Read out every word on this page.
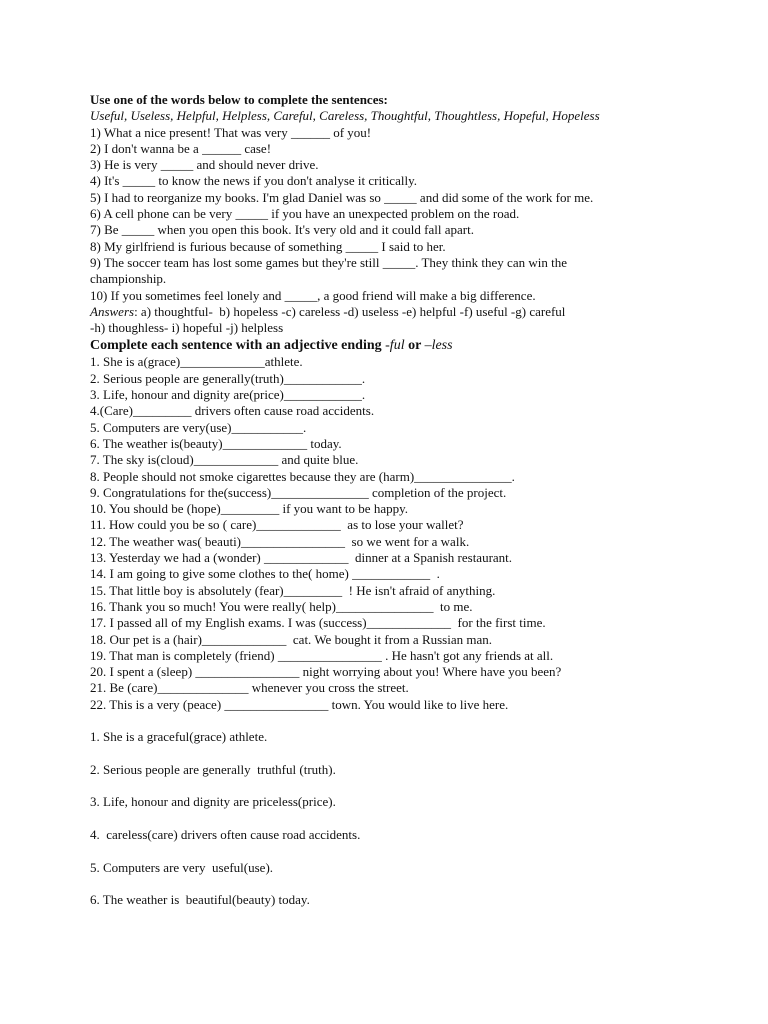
Use one of the words below to complete the sentences:
Useful, Useless, Helpful, Helpless, Careful, Careless, Thoughtful, Thoughtless, Hopeful, Hopeless
1) What a nice present! That was very ______ of you!
2) I don't wanna be a ______ case!
3) He is very _____ and should never drive.
4) It's _____ to know the news if you don't analyse it critically.
5) I had to reorganize my books. I'm glad Daniel was so _____ and did some of the work for me.
6) A cell phone can be very _____ if you have an unexpected problem on the road.
7) Be _____ when you open this book. It's very old and it could fall apart.
8) My girlfriend is furious because of something _____ I said to her.
9) The soccer team has lost some games but they're still _____. They think they can win the
championship.
10) If you sometimes feel lonely and _____, a good friend will make a big difference.
Answers: a) thoughtful-  b) hopeless -c) careless -d) useless -e) helpful -f) useful -g) careful
-h) thoughless- i) hopeful -j) helpless
Complete each sentence with an adjective ending -ful or –less
1. She is a(grace)_____________athlete.
2. Serious people are generally(truth)____________.
3. Life, honour and dignity are(price)____________.
4.(Care)_________ drivers often cause road accidents.
5. Computers are very(use)___________.
6. The weather is(beauty)_____________ today.
7. The sky is(cloud)_____________ and quite blue.
8. People should not smoke cigarettes because they are (harm)_______________.
9. Congratulations for the(success)_______________ completion of the project.
10. You should be (hope)_________ if you want to be happy.
11. How could you be so ( care)_____________  as to lose your wallet?
12. The weather was( beauti)________________  so we went for a walk.
13. Yesterday we had a (wonder) _____________  dinner at a Spanish restaurant.
14. I am going to give some clothes to the( home) ____________  .
15. That little boy is absolutely (fear)_________  ! He isn't afraid of anything.
16. Thank you so much! You were really( help)_______________  to me.
17. I passed all of my English exams. I was (success)_____________  for the first time.
18. Our pet is a (hair)_____________  cat. We bought it from a Russian man.
19. That man is completely (friend) ________________ . He hasn't got any friends at all.
20. I spent a (sleep) ________________ night worrying about you! Where have you been?
21. Be (care)______________ whenever you cross the street.
22. This is a very (peace) ________________ town. You would like to live here.
1. She is a graceful(grace) athlete.
2. Serious people are generally  truthful (truth).
3. Life, honour and dignity are priceless(price).
4.  careless(care) drivers often cause road accidents.
5. Computers are very  useful(use).
6. The weather is  beautiful(beauty) today.
